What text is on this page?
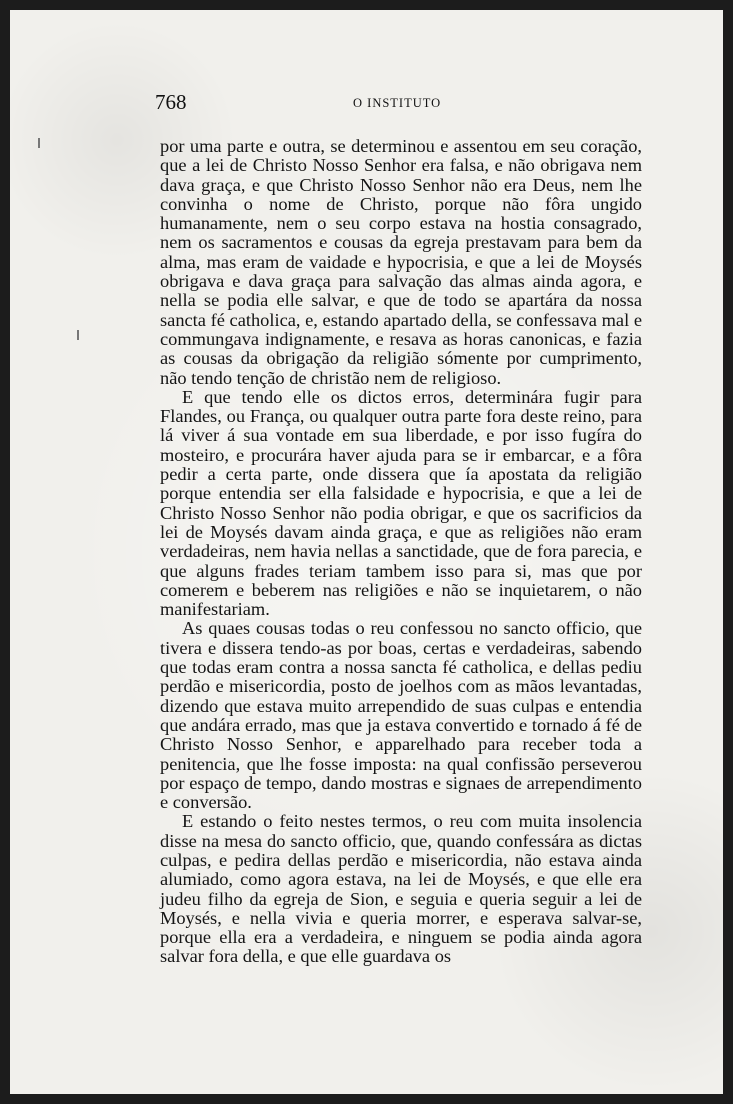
768	O INSTITUTO

por uma parte e outra, se determinou e assentou em seu coração, que a lei de Christo Nosso Senhor era falsa, e não obrigava nem dava graça, e que Christo Nosso Senhor não era Deus, nem lhe convinha o nome de Christo, porque não fôra ungido humanamente, nem o seu corpo estava na hostia consagrado, nem os sacramentos e cousas da egreja prestavam para bem da alma, mas eram de vaidade e hypocrisia, e que a lei de Moysés obrigava e dava graça para salvação das almas ainda agora, e nella se podia elle salvar, e que de todo se apartára da nossa sancta fé catholica, e, estando apartado della, se confessava mal e commungava indignamente, e resava as horas canonicas, e fazia as cousas da obrigação da religião sómente por cumprimento, não tendo tenção de christão nem de religioso.

E que tendo elle os dictos erros, determinára fugir para Flandes, ou França, ou qualquer outra parte fora deste reino, para lá viver á sua vontade em sua liberdade, e por isso fugíra do mosteiro, e procurára haver ajuda para se ir embarcar, e a fôra pedir a certa parte, onde dissera que ía apostata da religião porque entendia ser ella falsidade e hypocrisia, e que a lei de Christo Nosso Senhor não podia obrigar, e que os sacrificios da lei de Moysés davam ainda graça, e que as religiões não eram verdadeiras, nem havia nellas a sanctidade, que de fora parecia, e que alguns frades teriam tambem isso para si, mas que por comerem e beberem nas religiões e não se inquietarem, o não manifestariam.

As quaes cousas todas o reu confessou no sancto officio, que tivera e dissera tendo-as por boas, certas e verdadeiras, sabendo que todas eram contra a nossa sancta fé catholica, e dellas pediu perdão e misericordia, posto de joelhos com as mãos levantadas, dizendo que estava muito arrependido de suas culpas e entendia que andára errado, mas que ja estava convertido e tornado á fé de Christo Nosso Senhor, e apparelhado para receber toda a penitencia, que lhe fosse imposta: na qual confissão perseverou por espaço de tempo, dando mostras e signaes de arrependimento e conversão.

E estando o feito nestes termos, o reu com muita insolencia disse na mesa do sancto officio, que, quando confessára as dictas culpas, e pedira dellas perdão e misericordia, não estava ainda alumiado, como agora estava, na lei de Moysés, e que elle era judeu filho da egreja de Sion, e seguia e queria seguir a lei de Moysés, e nella vivia e queria morrer, e esperava salvar-se, porque ella era a verdadeira, e ninguem se podia ainda agora salvar fora della, e que elle guardava os
